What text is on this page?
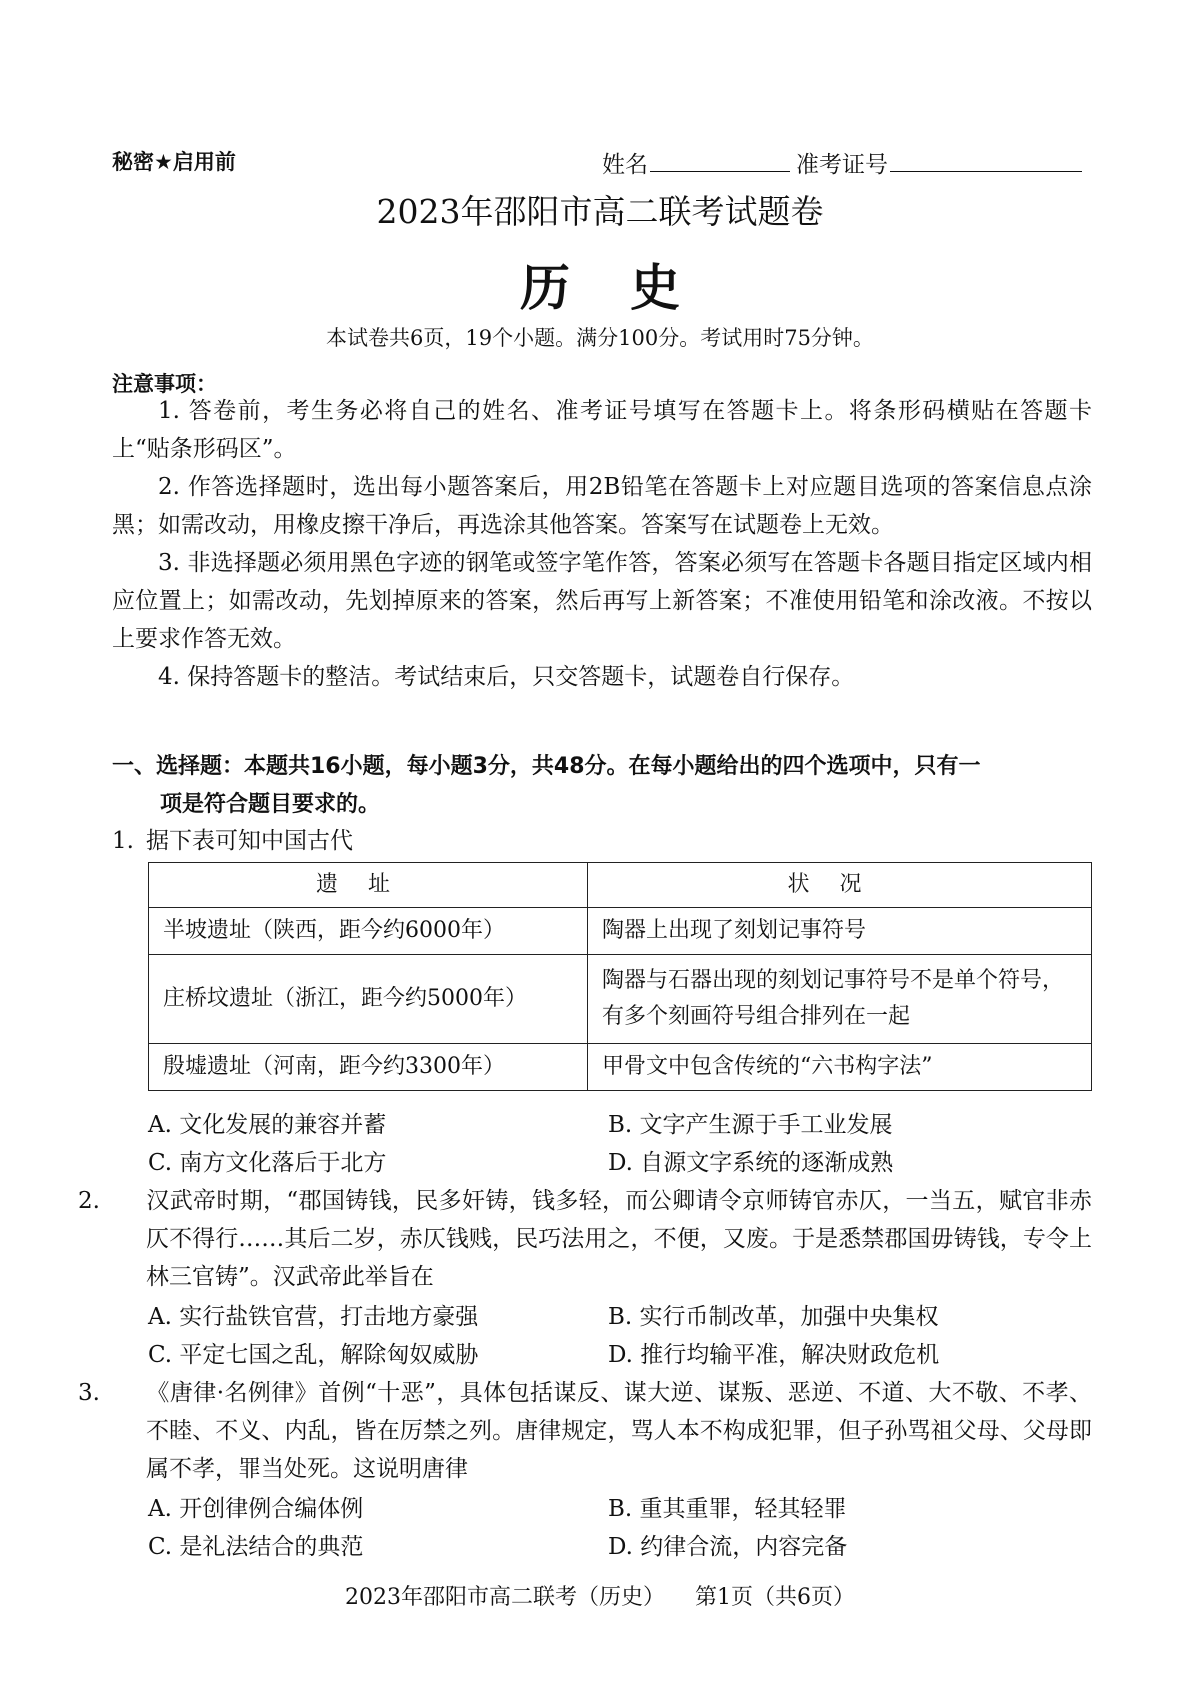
秘密★启用前	姓名	准考证号
2023年邵阳市高二联考试题卷
历史
本试卷共6页，19个小题。满分100分。考试用时75分钟。
注意事项：
1. 答卷前，考生务必将自己的姓名、准考证号填写在答题卡上。将条形码横贴在答题卡上“贴条形码区”。
2. 作答选择题时，选出每小题答案后，用2B铅笔在答题卡上对应题目选项的答案信息点涂黑；如需改动，用橡皮擦干净后，再选涂其他答案。答案写在试题卷上无效。
3. 非选择题必须用黑色字迹的钢笔或签字笔作答，答案必须写在答题卡各题目指定区域内相应位置上；如需改动，先划掉原来的答案，然后再写上新答案；不准使用铅笔和涂改液。不按以上要求作答无效。
4. 保持答题卡的整洁。考试结束后，只交答题卡，试题卷自行保存。
一、选择题：本题共16小题，每小题3分，共48分。在每小题给出的四个选项中，只有一
项是符合题目要求的。
1. 据下表可知中国古代
遗址	状况
半坡遗址（陕西，距今约6000年）	陶器上出现了刻划记事符号
庄桥坟遗址（浙江，距今约5000年）	陶器与石器出现的刻划记事符号不是单个符号，有多个刻画符号组合排列在一起
殷墟遗址（河南，距今约3300年）	甲骨文中包含传统的“六书构字法”
A. 文化发展的兼容并蓄	B. 文字产生源于手工业发展
C. 南方文化落后于北方	D. 自源文字系统的逐渐成熟
2. 汉武帝时期，“郡国铸钱，民多奸铸，钱多轻，而公卿请令京师铸官赤仄，一当五，赋官非赤仄不得行……其后二岁，赤仄钱贱，民巧法用之，不便，又废。于是悉禁郡国毋铸钱，专令上林三官铸”。汉武帝此举旨在
A. 实行盐铁官营，打击地方豪强	B. 实行币制改革，加强中央集权
C. 平定七国之乱，解除匈奴威胁	D. 推行均输平准，解决财政危机
3. 《唐律·名例律》首例“十恶”，具体包括谋反、谋大逆、谋叛、恶逆、不道、大不敬、不孝、不睦、不义、内乱，皆在厉禁之列。唐律规定，骂人本不构成犯罪，但子孙骂祖父母、父母即属不孝，罪当处死。这说明唐律
A. 开创律例合编体例	B. 重其重罪，轻其轻罪
C. 是礼法结合的典范	D. 约律合流，内容完备
2023年邵阳市高二联考（历史） 第1页（共6页）
